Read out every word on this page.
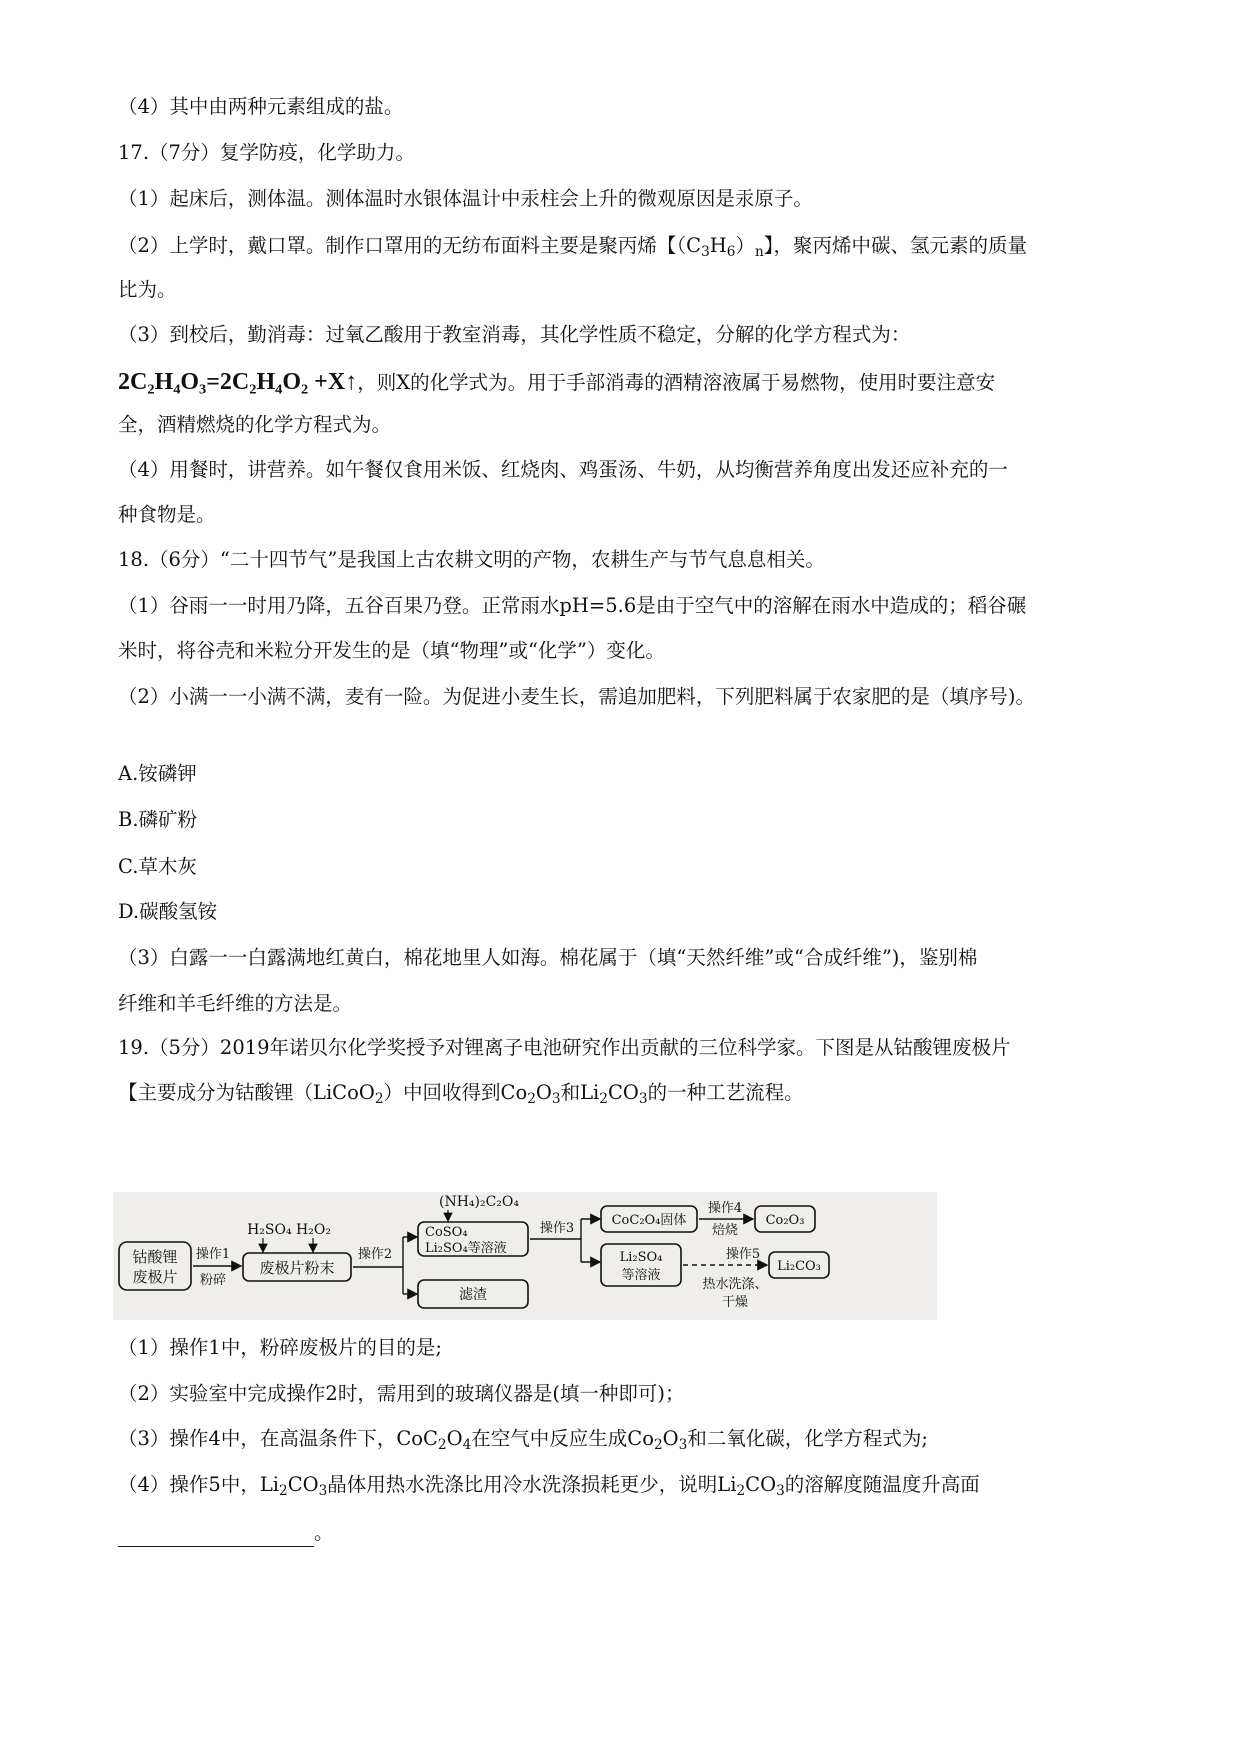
（4）其中由两种元素组成的盐。
17.（7分）复学防疫，化学助力。
（1）起床后，测体温。测体温时水银体温计中汞柱会上升的微观原因是汞原子。
（2）上学时，戴口罩。制作口罩用的无纺布面料主要是聚丙烯【$(C_3H_6)_n$】，聚丙烯中碳、氢元素的质量
比为。
（3）到校后，勤消毒：过氧乙酸用于教室消毒，其化学性质不稳定，分解的化学方程式为：
2C₂H₄O₃=2C₂H₄O₂ +X↑，则X的化学式为。用于手部消毒的酒精溶液属于易燃物，使用时要注意安
全，酒精燃烧的化学方程式为。
（4）用餐时，讲营养。如午餐仅食用米饭、红烧肉、鸡蛋汤、牛奶，从均衡营养角度出发还应补充的一
种食物是。
18.（6分）“二十四节气”是我国上古农耕文明的产物，农耕生产与节气息息相关。
（1）谷雨一一时用乃降，五谷百果乃登。正常雨水pH=5.6是由于空气中的溶解在雨水中造成的；稻谷碾
米时，将谷壳和米粒分开发生的是（填“物理”或“化学”）变化。
（2）小满一一小满不满，麦有一险。为促进小麦生长，需追加肥料，下列肥料属于农家肥的是（填序号)。
A.铵磷钾
B.磷矿粉
C.草木灰
D.碳酸氢铵
（3）白露一一白露满地红黄白，棉花地里人如海。棉花属于（填“天然纤维”或“合成纤维”)，鉴别棉
纤维和羊毛纤维的方法是。
19.（5分）2019年诺贝尔化学奖授予对锂离子电池研究作出贡献的三位科学家。下图是从钴酸锂废极片
【主要成分为钴酸锂（LiCoO$_2$）中回收得到$Co_2O_3$和$Li_2CO_3$的一种工艺流程。
钴酸锂
废极片
操作1
粉碎
H₂SO₄ H₂O₂
废极片粉末
操作2
(NH₄)₂C₂O₄
CoSO₄
Li₂SO₄等溶液
滤渣
操作3
CoC₂O₄固体
操作4
焙烧
Co₂O₃
Li₂SO₄
等溶液
操作5
热水洗涤、
干燥
Li₂CO₃
（1）操作1中，粉碎废极片的目的是;
（2）实验室中完成操作2时，需用到的玻璃仪器是(填一种即可)；
（3）操作4中，在高温条件下，$CoC_2O_4$在空气中反应生成$Co_2O_3$和二氧化碳，化学方程式为;
（4）操作5中，$Li_2CO_3$晶体用热水洗涤比用冷水洗涤损耗更少，说明$Li_2CO_3$的溶解度随温度升高面
。
